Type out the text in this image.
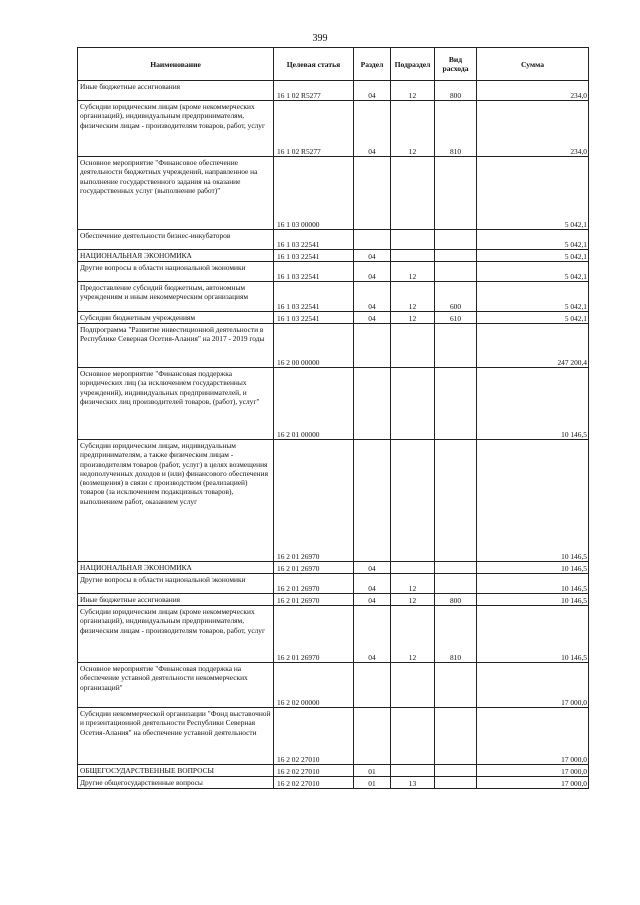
399
Наименование	Целевая статья	Раздел	Подраздел	Вид расхода	Сумма
Иные бюджетные ассигнования	16 1 02 R5277	04	12	800	234,0
Субсидии юридическим лицам (кроме некоммерческих организаций), индивидуальным предпринимателям, физическим лицам - производителям товаров, работ, услуг	16 1 02 R5277	04	12	810	234,0
Основное мероприятие "Финансовое обеспечение деятельности бюджетных учреждений, направленное на выполнение государственного задания на оказание государственных услуг (выполнение работ)"	16 1 03 00000				5 042,1
Обеспечение деятельности бизнес-инкубаторов	16 1 03 22541				5 042,1
НАЦИОНАЛЬНАЯ ЭКОНОМИКА	16 1 03 22541	04			5 042,1
Другие вопросы в области национальной экономики	16 1 03 22541	04	12		5 042,1
Предоставление субсидий бюджетным, автономным учреждениям и иным некоммерческим организациям	16 1 03 22541	04	12	600	5 042,1
Субсидии бюджетным учреждениям	16 1 03 22541	04	12	610	5 042,1
Подпрограмма "Развитие инвестиционной деятельности в Республике Северная Осетия-Алания" на 2017 - 2019 годы	16 2 00 00000				247 200,4
Основное мероприятие "Финансовая поддержка юридических лиц (за исключением государственных учреждений), индивидуальных предпринимателей, и физических лиц производителей товаров, (работ), услуг"	16 2 01 00000				10 146,5
Субсидии юридическим лицам, индивидуальным предпринимателям, а также физическим лицам - производителям товаров (работ, услуг) в целях возмещения недополученных доходов и (или) финансового обеспечения (возмещения) в связи с производством (реализацией) товаров (за исключением подакцизных товаров), выполнением работ, оказанием услуг	16 2 01 26970				10 146,5
НАЦИОНАЛЬНАЯ ЭКОНОМИКА	16 2 01 26970	04			10 146,5
Другие вопросы в области национальной экономики	16 2 01 26970	04	12		10 146,5
Иные бюджетные ассигнования	16 2 01 26970	04	12	800	10 146,5
Субсидии юридическим лицам (кроме некоммерческих организаций), индивидуальным предпринимателям, физическим лицам - производителям товаров, работ, услуг	16 2 01 26970	04	12	810	10 146,5
Основное мероприятие "Финансовая поддержка на обеспечение уставной деятельности некоммерческих организаций"	16 2 02 00000				17 000,0
Субсидии некоммерческой организации "Фонд выставочной и презентационной деятельности Республики Северная Осетия-Алания" на обеспечение уставной деятельности	16 2 02 27010				17 000,0
ОБЩЕГОСУДАРСТВЕННЫЕ ВОПРОСЫ	16 2 02 27010	01			17 000,0
Другие общегосударственные вопросы	16 2 02 27010	01	13		17 000,0
